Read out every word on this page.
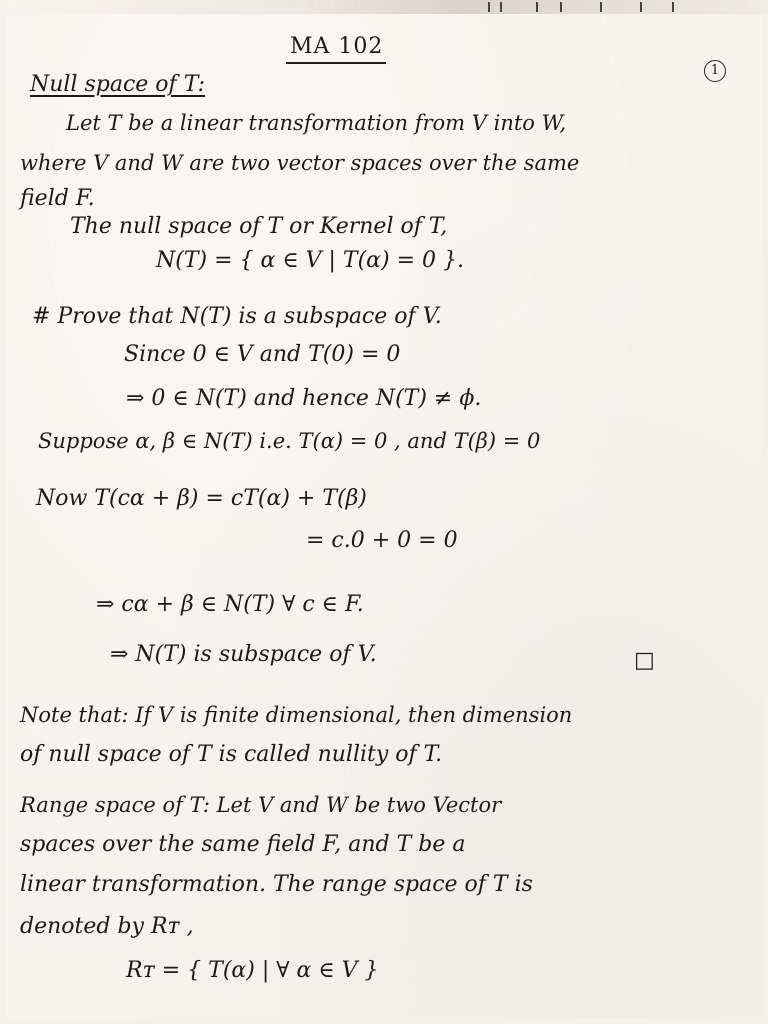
MA 102
1
Null space of T:
Let T be a linear transformation from V into W,
where V and W are two vector spaces over the same
field F.
The null space of T or Kernel of T,
N(T) = { α ∈ V | T(α) = 0 }.
# Prove that N(T) is a subspace of V.
Since 0 ∈ V and T(0) = 0
⇒ 0 ∈ N(T) and hence N(T) ≠ ϕ.
Suppose α, β ∈ N(T) i.e. T(α) = 0 , and T(β) = 0
Now T(cα + β) = cT(α) + T(β)
= c.0 + 0 = 0
⇒ cα + β ∈ N(T) ∀ c ∈ F.
⇒ N(T) is subspace of V.	□
Note that: If V is finite dimensional, then dimension
of null space of T is called nullity of T.
Range space of T: Let V and W be two Vector
spaces over the same field F, and T be a
linear transformation. The range space of T is
denoted by Rᴛ ,
Rᴛ = { T(α) | ∀ α ∈ V }
